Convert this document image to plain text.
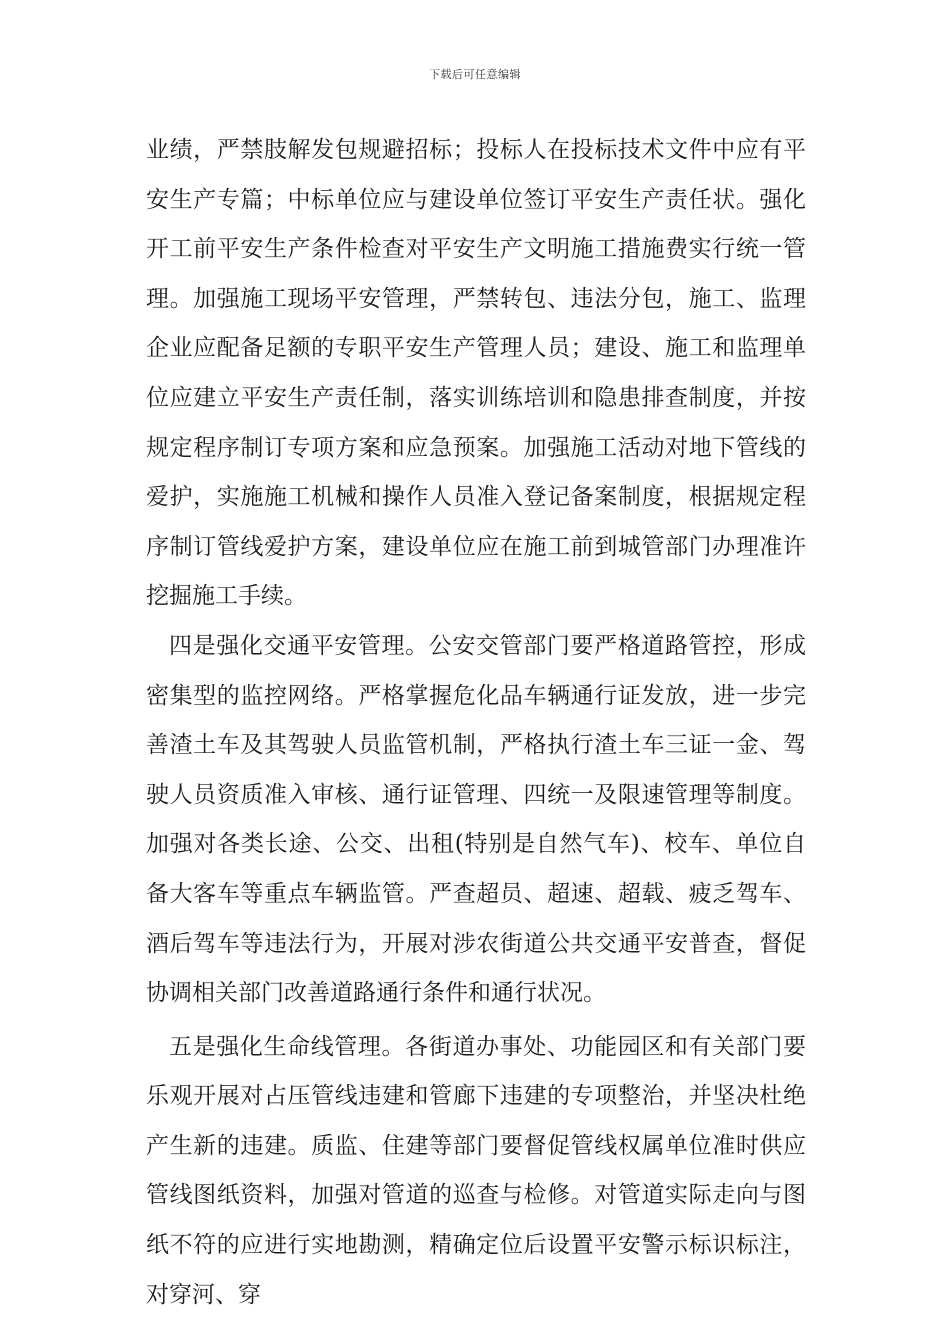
下载后可任意编辑

业绩，严禁肢解发包规避招标；投标人在投标技术文件中应有平安生产专篇；中标单位应与建设单位签订平安生产责任状。强化开工前平安生产条件检查对平安生产文明施工措施费实行统一管理。加强施工现场平安管理，严禁转包、违法分包，施工、监理企业应配备足额的专职平安生产管理人员；建设、施工和监理单位应建立平安生产责任制，落实训练培训和隐患排查制度，并按规定程序制订专项方案和应急预案。加强施工活动对地下管线的爱护，实施施工机械和操作人员准入登记备案制度，根据规定程序制订管线爱护方案，建设单位应在施工前到城管部门办理准许挖掘施工手续。

四是强化交通平安管理。公安交管部门要严格道路管控，形成密集型的监控网络。严格掌握危化品车辆通行证发放，进一步完善渣土车及其驾驶人员监管机制，严格执行渣土车三证一金、驾驶人员资质准入审核、通行证管理、四统一及限速管理等制度。加强对各类长途、公交、出租(特别是自然气车)、校车、单位自备大客车等重点车辆监管。严查超员、超速、超载、疲乏驾车、酒后驾车等违法行为，开展对涉农街道公共交通平安普查，督促协调相关部门改善道路通行条件和通行状况。

五是强化生命线管理。各街道办事处、功能园区和有关部门要乐观开展对占压管线违建和管廊下违建的专项整治，并坚决杜绝产生新的违建。质监、住建等部门要督促管线权属单位准时供应管线图纸资料，加强对管道的巡查与检修。对管道实际走向与图纸不符的应进行实地勘测，精确定位后设置平安警示标识标注，对穿河、穿
